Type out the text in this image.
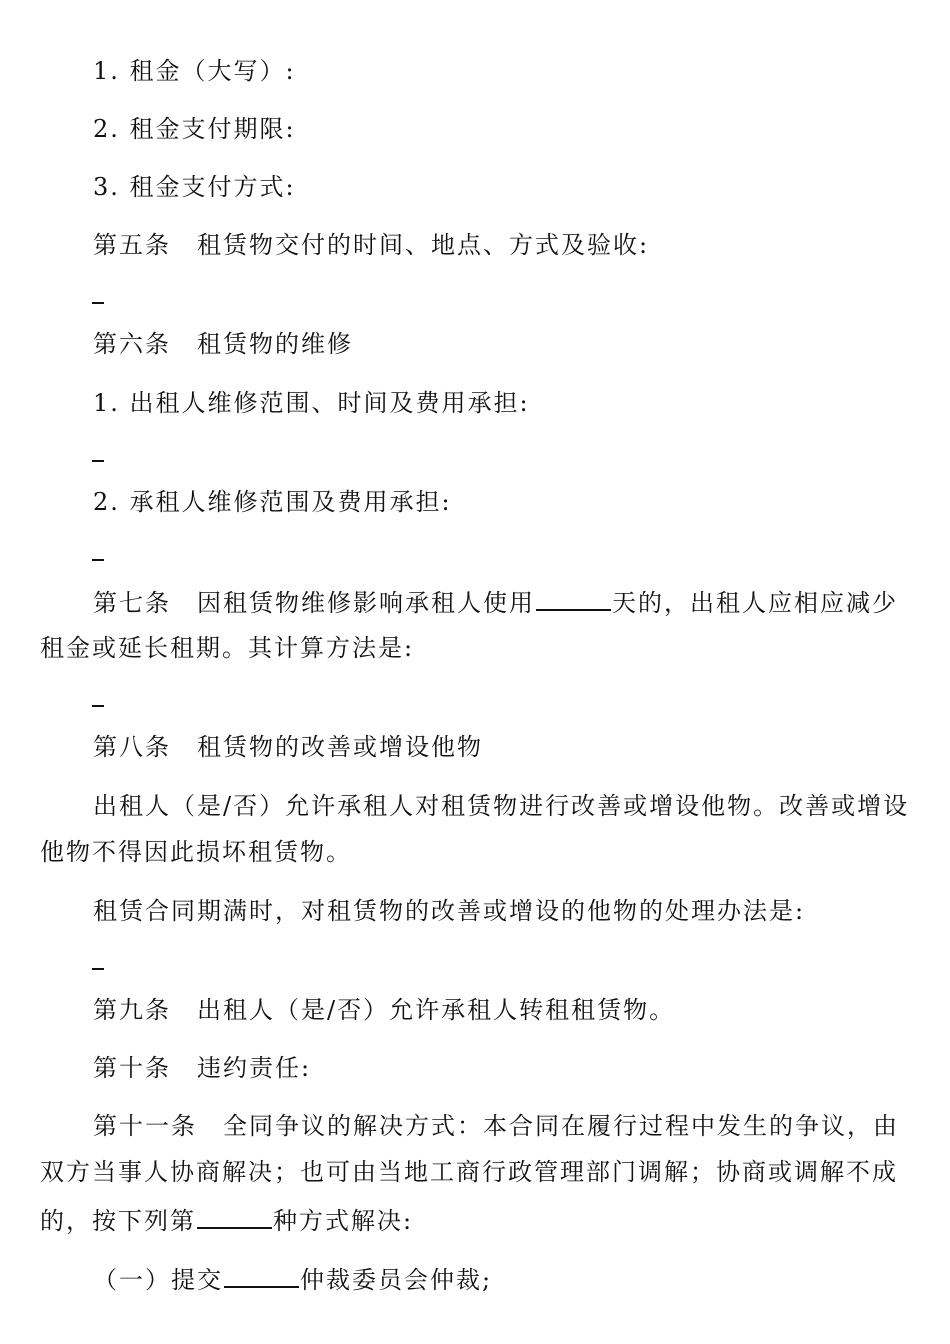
1. 租金（大写）:
2. 租金支付期限:
3. 租金支付方式:
第五条　租赁物交付的时间、地点、方式及验收:
第六条　租赁物的维修
1. 出租人维修范围、时间及费用承担:
2. 承租人维修范围及费用承担:
第七条　因租赁物维修影响承租人使用	天的，出租人应相应减少
租金或延长租期。其计算方法是:
第八条　租赁物的改善或增设他物
出租人（是/否）允许承租人对租赁物进行改善或增设他物。改善或增设
他物不得因此损坏租赁物。
租赁合同期满时，对租赁物的改善或增设的他物的处理办法是:
第九条　出租人（是/否）允许承租人转租租赁物。
第十条　违约责任:
第十一条　全同争议的解决方式：本合同在履行过程中发生的争议，由
双方当事人协商解决；也可由当地工商行政管理部门调解；协商或调解不成
的，按下列第	种方式解决:
（一）提交	仲裁委员会仲裁;
